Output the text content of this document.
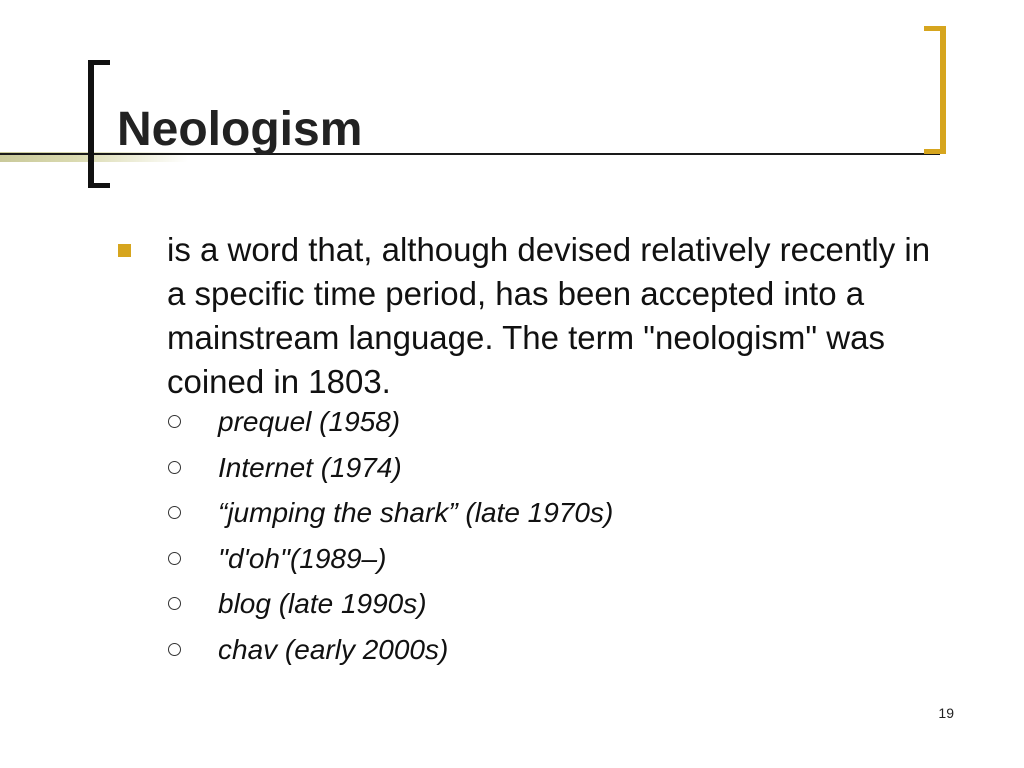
Neologism

is a word that, although devised relatively recently in a specific time period, has been accepted into a mainstream language. The term "neologism" was coined in 1803.

prequel (1958)
Internet (1974)
“jumping the shark” (late 1970s)
"d'oh"(1989–)
blog (late 1990s)
chav (early 2000s)
19
